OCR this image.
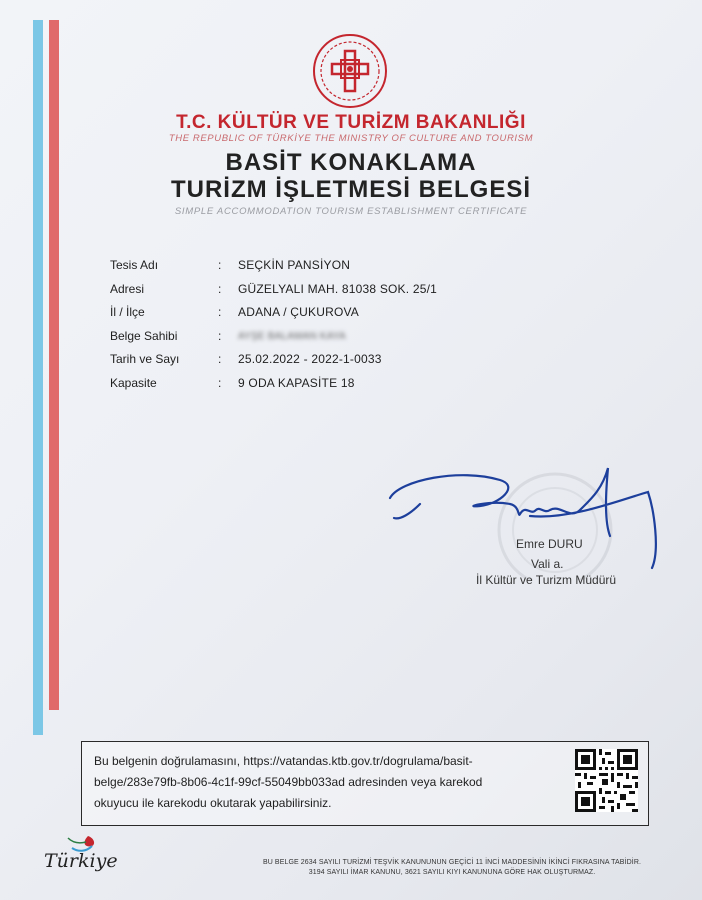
T.C. KÜLTÜR VE TURİZM BAKANLIĞI
THE REPUBLIC OF TÜRKİYE THE MINISTRY OF CULTURE AND TOURISM
BASİT KONAKLAMA
TURİZM İŞLETMESİ BELGESİ
SIMPLE ACCOMMODATION TOURISM ESTABLISHMENT CERTIFICATE
Tesis Adı	: SEÇKİN PANSİYON
Adresi	: GÜZELYALI MAH. 81038 SOK. 25/1
İl / İlçe	: ADANA / ÇUKUROVA
Belge Sahibi	: AYŞE BALAMAN KAYA
Tarih ve Sayı	: 25.02.2022 - 2022-1-0033
Kapasite	: 9 ODA KAPASİTE 18
Emre DURU
Vali a.
İl Kültür ve Turizm Müdürü
Bu belgenin doğrulamasını, https://vatandas.ktb.gov.tr/dogrulama/basit-belge/283e79fb-8b06-4c1f-99cf-55049bb033ad adresinden veya karekod okuyucu ile karekodu okutarak yapabilirsiniz.
Türkiye	BU BELGE 2634 SAYILI TURİZMİ TEŞVİK KANUNUNUN GEÇİCİ 11 İNCİ MADDESİNİN İKİNCİ FIKRASINA TABİDİR. 3194 SAYILI İMAR KANUNU, 3621 SAYILI KIYI KANUNUNA GÖRE HAK OLUŞTURMAZ.
